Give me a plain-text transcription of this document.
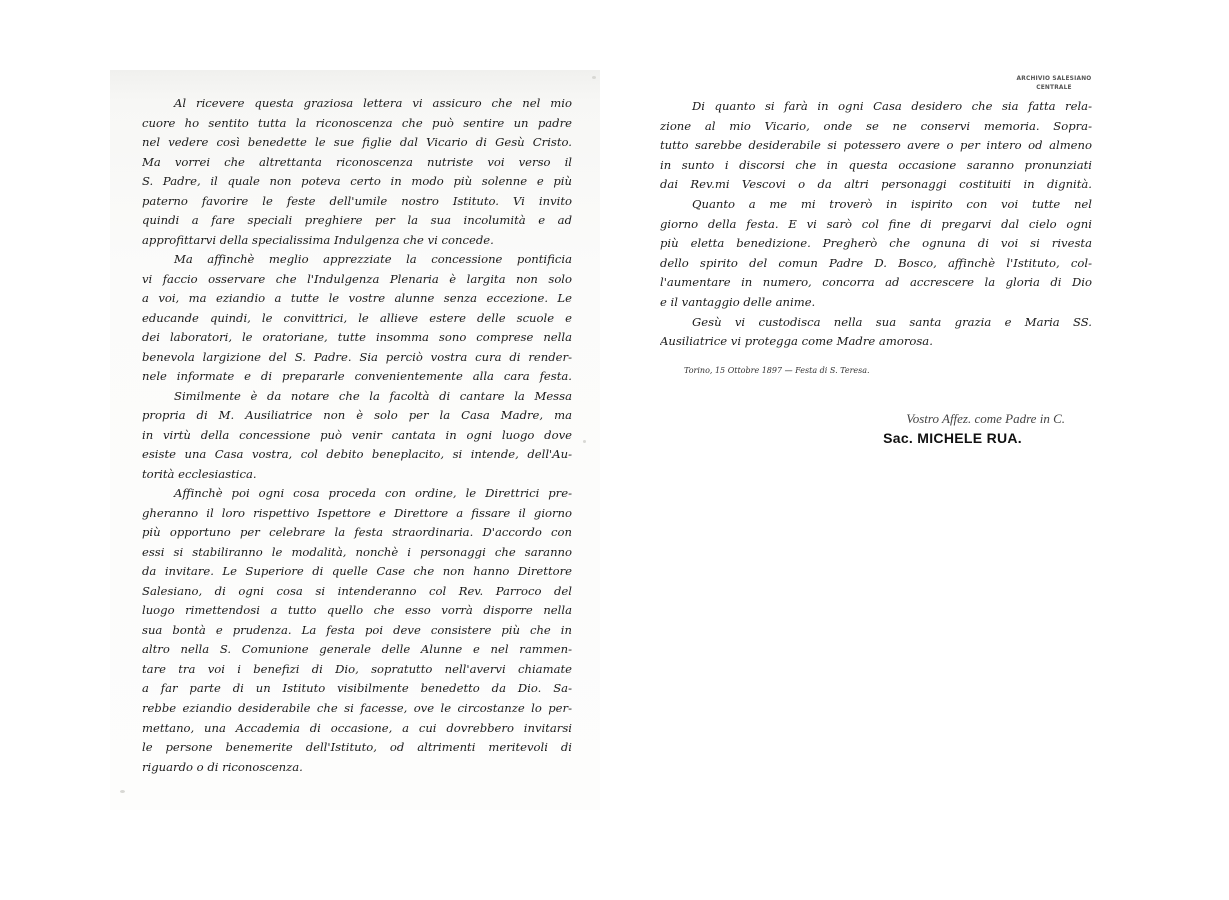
Al ricevere questa graziosa lettera vi assicuro che nel mio
cuore ho sentito tutta la riconoscenza che può sentire un padre
nel vedere così benedette le sue figlie dal Vicario di Gesù Cristo.
Ma vorrei che altrettanta riconoscenza nutriste voi verso il
S. Padre, il quale non poteva certo in modo più solenne e più
paterno favorire le feste dell'umile nostro Istituto. Vi invito
quindi a fare speciali preghiere per la sua incolumità e ad
approfittarvi della specialissima Indulgenza che vi concede.
Ma affinchè meglio apprezziate la concessione pontificia
vi faccio osservare che l'Indulgenza Plenaria è largita non solo
a voi, ma eziandio a tutte le vostre alunne senza eccezione. Le
educande quindi, le convittrici, le allieve estere delle scuole e
dei laboratori, le oratoriane, tutte insomma sono comprese nella
benevola largizione del S. Padre. Sia perciò vostra cura di render-
nele informate e di prepararle convenientemente alla cara festa.
Similmente è da notare che la facoltà di cantare la Messa
propria di M. Ausiliatrice non è solo per la Casa Madre, ma
in virtù della concessione può venir cantata in ogni luogo dove
esiste una Casa vostra, col debito beneplacito, si intende, dell'Au-
torità ecclesiastica.
Affinchè poi ogni cosa proceda con ordine, le Direttrici pre-
gheranno il loro rispettivo Ispettore e Direttore a fissare il giorno
più opportuno per celebrare la festa straordinaria. D'accordo con
essi si stabiliranno le modalità, nonchè i personaggi che saranno
da invitare. Le Superiore di quelle Case che non hanno Direttore
Salesiano, di ogni cosa si intenderanno col Rev. Parroco del
luogo rimettendosi a tutto quello che esso vorrà disporre nella
sua bontà e prudenza. La festa poi deve consistere più che in
altro nella S. Comunione generale delle Alunne e nel rammen-
tare tra voi i benefizi di Dio, sopratutto nell'avervi chiamate
a far parte di un Istituto visibilmente benedetto da Dio. Sa-
rebbe eziandio desiderabile che si facesse, ove le circostanze lo per-
mettano, una Accademia di occasione, a cui dovrebbero invitarsi
le persone benemerite dell'Istituto, od altrimenti meritevoli di
riguardo o di riconoscenza.
ARCHIVIO SALESIANO
CENTRALE
Di quanto si farà in ogni Casa desidero che sia fatta rela-
zione al mio Vicario, onde se ne conservi memoria. Sopra-
tutto sarebbe desiderabile si potessero avere o per intero od almeno
in sunto i discorsi che in questa occasione saranno pronunziati
dai Rev.mi Vescovi o da altri personaggi costituiti in dignità.
Quanto a me mi troverò in ispirito con voi tutte nel
giorno della festa. E vi sarò col fine di pregarvi dal cielo ogni
più eletta benedizione. Pregherò che ognuna di voi si rivesta
dello spirito del comun Padre D. Bosco, affinchè l'Istituto, col-
l'aumentare in numero, concorra ad accrescere la gloria di Dio
e il vantaggio delle anime.
Gesù vi custodisca nella sua santa grazia e Maria SS.
Ausiliatrice vi protegga come Madre amorosa.
Torino, 15 Ottobre 1897 — Festa di S. Teresa.
Vostro Affez. come Padre in C.
Sac. MICHELE RUA.
